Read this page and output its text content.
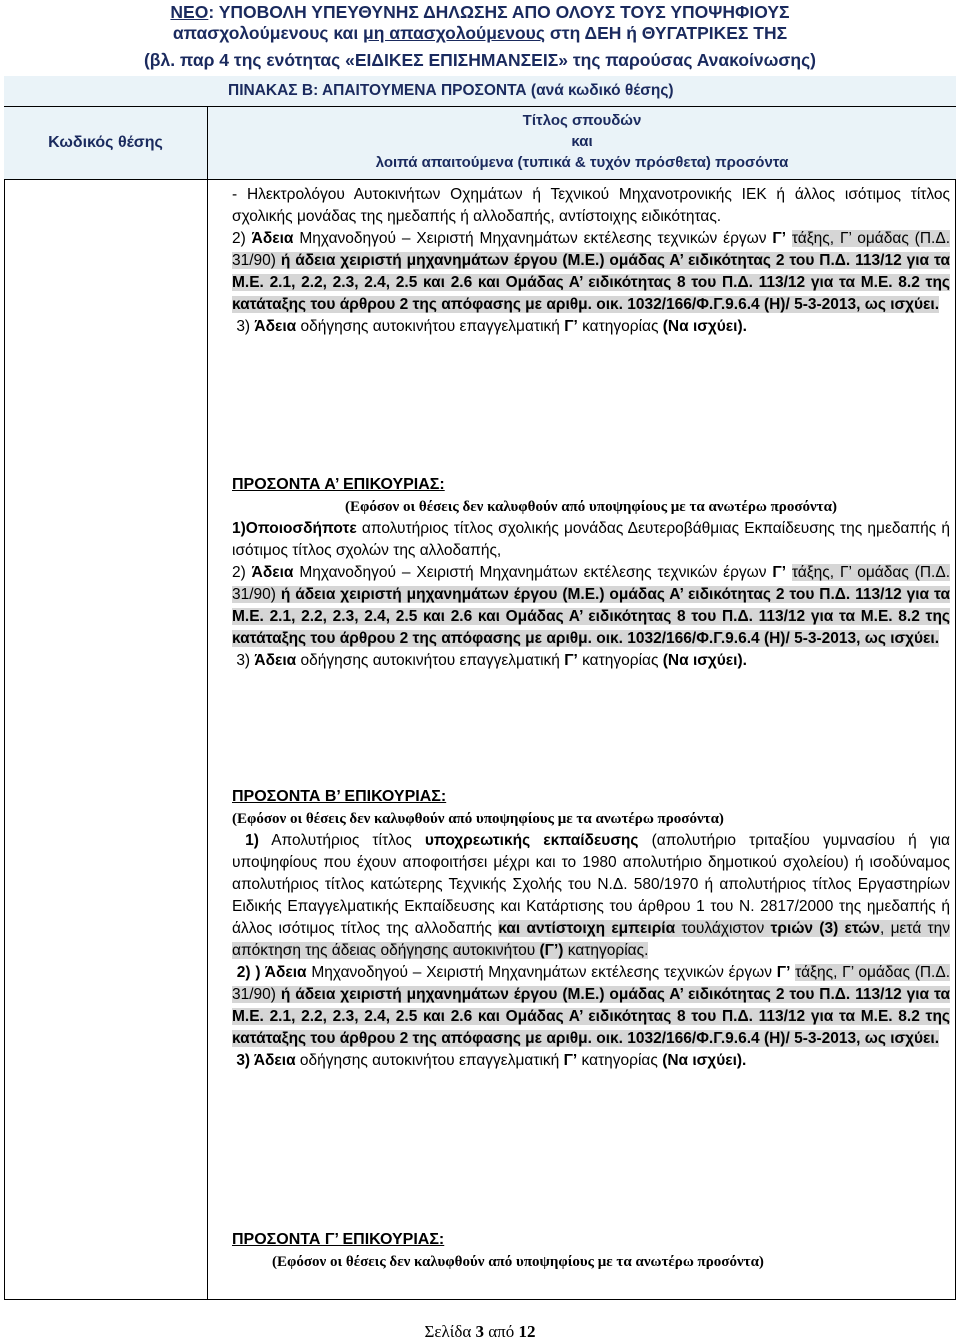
ΝΕΟ: ΥΠΟΒΟΛΗ ΥΠΕΥΘΥΝΗΣ ΔΗΛΩΣΗΣ ΑΠΟ ΟΛΟΥΣ ΤΟΥΣ ΥΠΟΨΗΦΙΟΥΣ
απασχολούμενους και μη απασχολούμενους στη ΔΕΗ ή ΘΥΓΑΤΡΙΚΕΣ ΤΗΣ
(βλ. παρ 4 της ενότητας «ΕΙΔΙΚΕΣ ΕΠΙΣΗΜΑΝΣΕΙΣ» της παρούσας Ανακοίνωσης)
ΠΙΝΑΚΑΣ Β: ΑΠΑΙΤΟΥΜΕΝΑ ΠΡΟΣΟΝΤΑ (ανά κωδικό θέσης)
Κωδικός θέσης
Τίτλος σπουδών
και
λοιπά απαιτούμενα (τυπικά & τυχόν πρόσθετα) προσόντα
- Ηλεκτρολόγου Αυτοκινήτων Οχημάτων ή Τεχνικού Μηχανοτρονικής ΙΕΚ ή άλλος ισότιμος τίτλος σχολικής μονάδας της ημεδαπής ή αλλοδαπής, αντίστοιχης ειδικότητας.
2) Άδεια Μηχανοδηγού – Χειριστή Μηχανημάτων εκτέλεσης τεχνικών έργων Γ’ τάξης, Γ’ ομάδας (Π.Δ. 31/90) ή άδεια χειριστή μηχανημάτων έργου (Μ.Ε.) ομάδας Α’ ειδικότητας 2 του Π.Δ. 113/12 για τα Μ.Ε. 2.1, 2.2, 2.3, 2.4, 2.5 και 2.6 και Ομάδας Α’ ειδικότητας 8 του Π.Δ. 113/12 για τα Μ.Ε. 8.2 της κατάταξης του άρθρου 2 της απόφασης με αριθμ. οικ. 1032/166/Φ.Γ.9.6.4 (Η)/ 5-3-2013, ως ισχύει.
3) Άδεια οδήγησης αυτοκινήτου επαγγελματική Γ’ κατηγορίας (Να ισχύει).
ΠΡΟΣΟΝΤΑ Α’ ΕΠΙΚΟΥΡΙΑΣ:
(Εφόσον οι θέσεις δεν καλυφθούν από υποψηφίους με τα ανωτέρω προσόντα)
1)Οποιοσδήποτε απολυτήριος τίτλος σχολικής μονάδας Δευτεροβάθμιας Εκπαίδευσης της ημεδαπής ή ισότιμος τίτλος σχολών της αλλοδαπής,
2) Άδεια Μηχανοδηγού – Χειριστή Μηχανημάτων εκτέλεσης τεχνικών έργων Γ’ τάξης, Γ’ ομάδας (Π.Δ. 31/90) ή άδεια χειριστή μηχανημάτων έργου (Μ.Ε.) ομάδας Α’ ειδικότητας 2 του Π.Δ. 113/12 για τα Μ.Ε. 2.1, 2.2, 2.3, 2.4, 2.5 και 2.6 και Ομάδας Α’ ειδικότητας 8 του Π.Δ. 113/12 για τα Μ.Ε. 8.2 της κατάταξης του άρθρου 2 της απόφασης με αριθμ. οικ. 1032/166/Φ.Γ.9.6.4 (Η)/ 5-3-2013, ως ισχύει.
3) Άδεια οδήγησης αυτοκινήτου επαγγελματική Γ’ κατηγορίας (Να ισχύει).
ΠΡΟΣΟΝΤΑ Β’ ΕΠΙΚΟΥΡΙΑΣ:
(Εφόσον οι θέσεις δεν καλυφθούν από υποψηφίους με τα ανωτέρω προσόντα)
1) Απολυτήριος τίτλος υποχρεωτικής εκπαίδευσης (απολυτήριο τριταξίου γυμνασίου ή για υποψηφίους που έχουν αποφοιτήσει μέχρι και το 1980 απολυτήριο δημοτικού σχολείου) ή ισοδύναμος απολυτήριος τίτλος κατώτερης Τεχνικής Σχολής του Ν.Δ. 580/1970 ή απολυτήριος τίτλος Εργαστηρίων Ειδικής Επαγγελματικής Εκπαίδευσης και Κατάρτισης του άρθρου 1 του Ν. 2817/2000 της ημεδαπής ή άλλος ισότιμος τίτλος της αλλοδαπής και αντίστοιχη εμπειρία τουλάχιστον τριών (3) ετών, μετά την απόκτηση της άδειας οδήγησης αυτοκινήτου (Γ’) κατηγορίας.
2) ) Άδεια Μηχανοδηγού – Χειριστή Μηχανημάτων εκτέλεσης τεχνικών έργων Γ’ τάξης, Γ’ ομάδας (Π.Δ. 31/90) ή άδεια χειριστή μηχανημάτων έργου (Μ.Ε.) ομάδας Α’ ειδικότητας 2 του Π.Δ. 113/12 για τα Μ.Ε. 2.1, 2.2, 2.3, 2.4, 2.5 και 2.6 και Ομάδας Α’ ειδικότητας 8 του Π.Δ. 113/12 για τα Μ.Ε. 8.2 της κατάταξης του άρθρου 2 της απόφασης με αριθμ. οικ. 1032/166/Φ.Γ.9.6.4 (Η)/ 5-3-2013, ως ισχύει.
3) Άδεια οδήγησης αυτοκινήτου επαγγελματική Γ’ κατηγορίας (Να ισχύει).
ΠΡΟΣΟΝΤΑ Γ’ ΕΠΙΚΟΥΡΙΑΣ:
(Εφόσον οι θέσεις δεν καλυφθούν από υποψηφίους με τα ανωτέρω προσόντα)
Σελίδα 3 από 12
